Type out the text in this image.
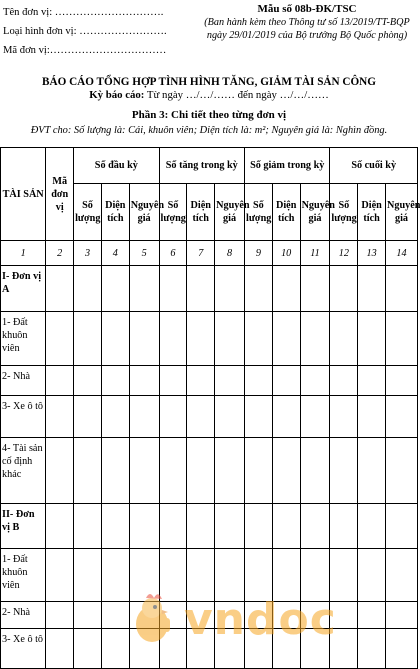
Tên đơn vị: ………………………….
Loại hình đơn vị: …………………….
Mã đơn vị:……………………………
Mẫu số 08b-ĐK/TSC
(Ban hành kèm theo Thông tư số 13/2019/TT-BQP ngày 29/01/2019 của Bộ trưởng Bộ Quốc phòng)
BÁO CÁO TỔNG HỢP TÌNH HÌNH TĂNG, GIẢM TÀI SẢN CÔNG
Kỳ báo cáo: Từ ngày …/…/…… đến ngày …/…/……
Phần 3: Chi tiết theo từng đơn vị
ĐVT cho: Số lượng là: Cái, khuôn viên; Diện tích là: m²; Nguyên giá là: Nghìn đồng.
TÀI SẢN	Mã đơn vị	Số đầu kỳ			Số tăng trong kỳ			Số giảm trong kỳ			Số cuối kỳ		
		Số lượng	Diện tích	Nguyên giá	Số lượng	Diện tích	Nguyên giá	Số lượng	Diện tích	Nguyên giá	Số lượng	Diện tích	Nguyên giá
1	2	3	4	5	6	7	8	9	10	11	12	13	14
I- Đơn vị A													
1- Đất khuôn viên													
2- Nhà													
3- Xe ô tô													
4- Tài sản cố định khác													
II- Đơn vị B													
1- Đất khuôn viên													
2- Nhà													
3- Xe ô tô														vndoc
